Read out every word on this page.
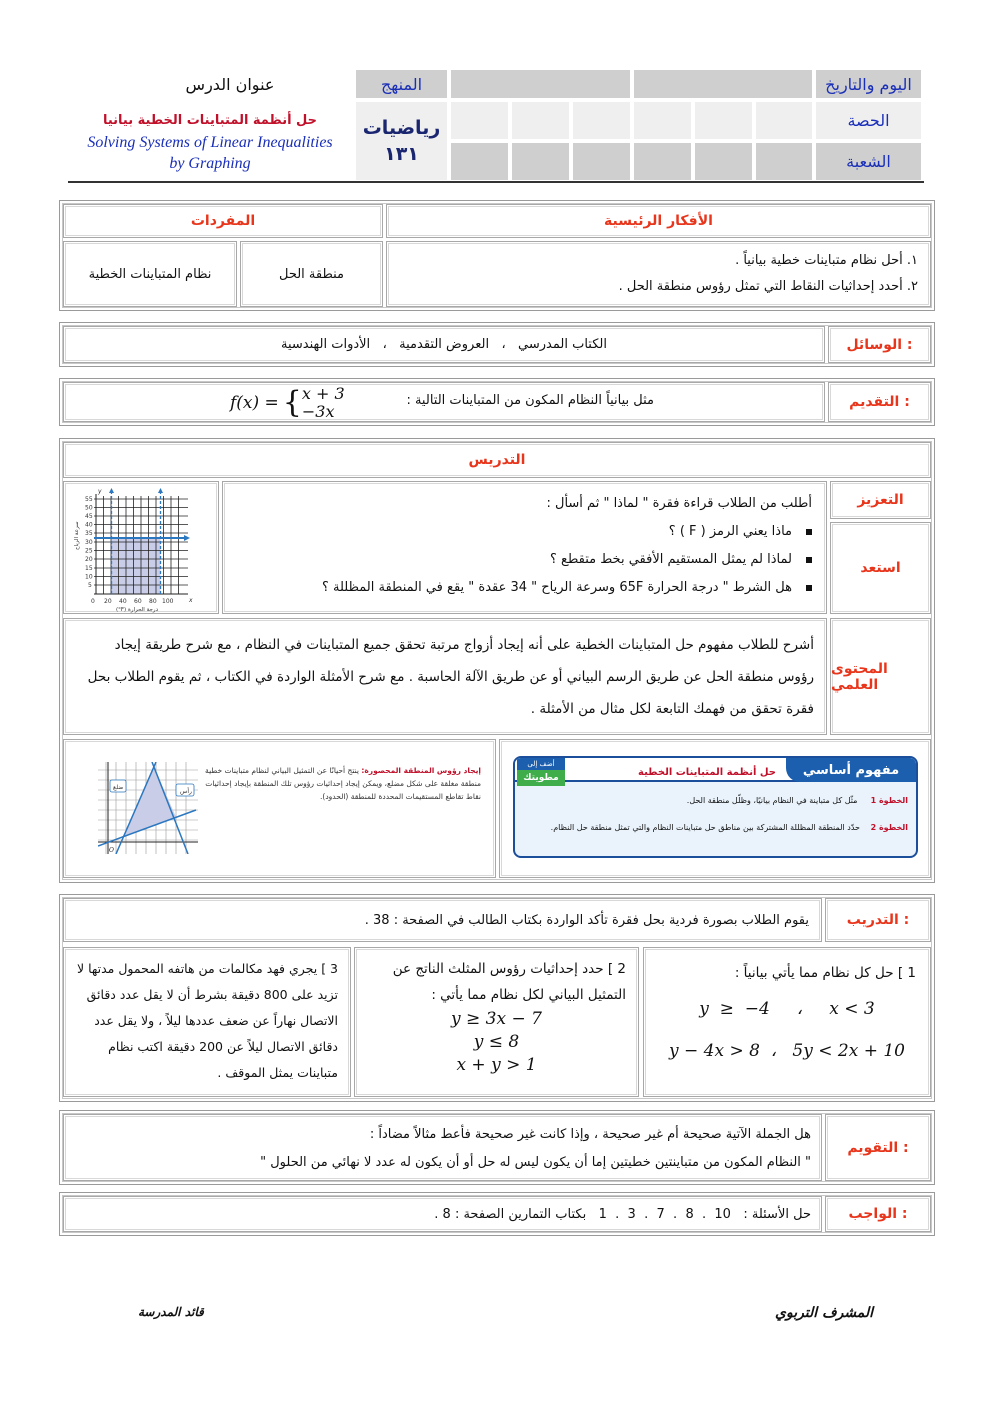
اليوم والتاريخ
المنهج
عنوان الدرس
الحصة
الشعبة
رياضيات
١٣١
حل أنظمة المتباينات الخطية بيانيا
Solving Systems of Linear Inequalities
by Graphing
الأفكار الرئيسية
المفردات
١. أحل نظام متباينات خطية بيانياً .
٢. أحدد إحداثيات النقاط التي تمثل رؤوس منطقة الحل .
منطقة الحل
نظام المتباينات الخطية
الوسائل :
الكتاب المدرسي   ،   العروض التقدمية   ،   الأدوات الهندسية
التقديم :
مثل بيانياً النظام المكون من المتباينات التالية :
f(x) = { x + 3
−3x
التدريس
التعزيز
استعد
أطلب من الطلاب قراءة فقرة " لماذا " ثم أسأل :
ماذا يعني الرمز ( F ) ؟
لماذا لم يمثل المستقيم الأفقي بخط متقطع ؟
هل الشرط " درجة الحرارة 65F وسرعة الرياح " 34 عقدة " يقع في المنطقة المظللة ؟
55
50
45
40
35
30
25
20
15
10
5
0 20 40 60 80 100	x
y
(°F) درجة الحرارة
سرعة الرياح
المحتوى العلمي
أشرح للطلاب مفهوم حل المتباينات الخطية على أنه إيجاد أزواج مرتبة تحقق جميع المتباينات في النظام ، مع شرح طريقة إيجاد رؤوس منطقة الحل عن طريق الرسم البياني أو عن طريق الآلة الحاسبة . مع شرح الأمثلة الواردة في الكتاب ، ثم يقوم الطلاب بحل فقرة تحقق من فهمك التابعة لكل مثال من الأمثلة .
مفهوم أساسي
حل أنظمة المتباينات الخطية
أضف إلى
مطويتك
الخطوة 1 مثّل كل متباينة في النظام بيانيًا، وظلّل منطقة الحل.
الخطوة 2
حدّد المنطقة المظللة المشتركة بين مناطق حل متباينات النظام والتي تمثل منطقة حل النظام.
إيجاد رؤوس المنطقة المحصورة: ينتج أحيانًا عن التمثيل البياني لنظام متباينات خطية منطقة مغلقة على شكل مضلع، ويمكن إيجاد إحداثيات رؤوس تلك المنطقة بإيجاد إحداثيات نقاط تقاطع المستقيمات المحددة للمنطقة (الحدود).
رأس
ضلع
O
التدريب :
يقوم الطلاب بصورة فردية بحل فقرة تأكد الواردة بكتاب الطالب في الصفحة : 38 .
1 ] حل كل نظام مما يأتي بيانياً :
y  ≥  −4     ،     x < 3
y − 4x > 8  ،   5y < 2x + 10
2 ] حدد إحداثيات رؤوس المثلث الناتج عن التمثيل البياني لكل نظام مما يأتي :
y ≥ 3x − 7
y ≤ 8
x + y > 1
3 ] يجري فهد مكالمات من هاتفه المحمول مدتها لا تزيد على 800 دقيقة بشرط أن لا يقل عدد دقائق الاتصال نهاراً عن ضعف عددها ليلاً ، ولا يقل عدد دقائق الاتصال ليلاً عن 200 دقيقة اكتب نظام متباينات يمثل الموقف .
التقويم :
هل الجملة الآتية صحيحة أم غير صحيحة ، وإذا كانت غير صحيحة فأعط مثالاً مضاداً :
" النظام المكون من متباينتين خطيتين إما أن يكون ليس له حل أو أن يكون له عدد لا نهائي من الحلول "
الواجب :
حل الأسئلة :   10  .  8  .  7  .  3  .  1   بكتاب التمارين الصفحة : 8 .
المشرف التربوي
قائد المدرسة
